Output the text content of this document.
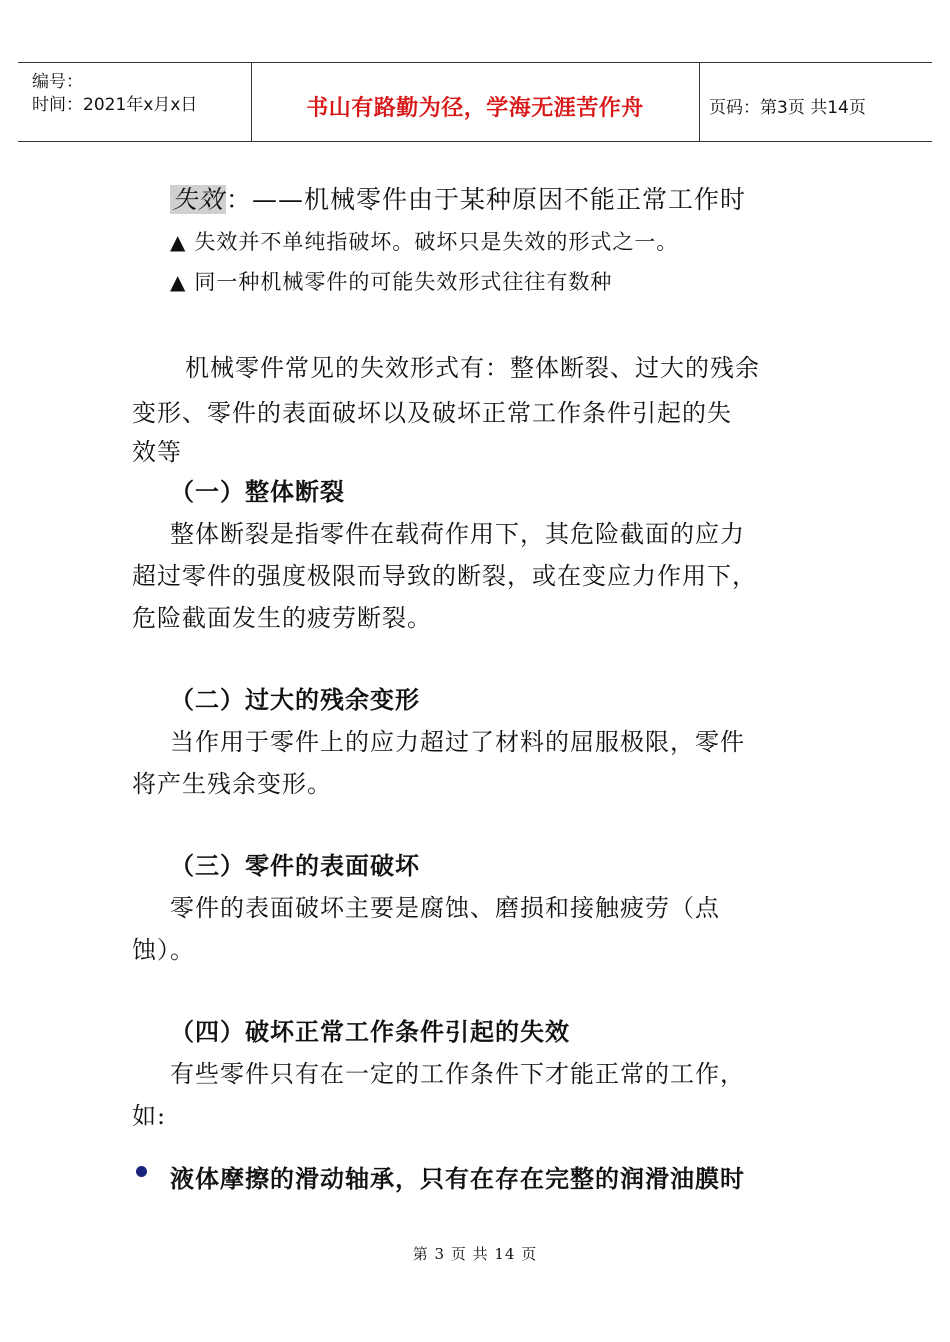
编号：
时间：2021年x月x日	书山有路勤为径，学海无涯苦作舟	页码：第3页 共14页
失效：——机械零件由于某种原因不能正常工作时
▲ 失效并不单纯指破坏。破坏只是失效的形式之一。
▲ 同一种机械零件的可能失效形式往往有数种
机械零件常见的失效形式有：整体断裂、过大的残余
变形、零件的表面破坏以及破坏正常工作条件引起的失
效等
（一）整体断裂
整体断裂是指零件在载荷作用下，其危险截面的应力
超过零件的强度极限而导致的断裂，或在变应力作用下，
危险截面发生的疲劳断裂。
（二）过大的残余变形
当作用于零件上的应力超过了材料的屈服极限，零件
将产生残余变形。
（三）零件的表面破坏
零件的表面破坏主要是腐蚀、磨损和接触疲劳（点
蚀）。
（四）破坏正常工作条件引起的失效
有些零件只有在一定的工作条件下才能正常的工作，
如:
液体摩擦的滑动轴承，只有在存在完整的润滑油膜时
第 3 页 共 14 页
